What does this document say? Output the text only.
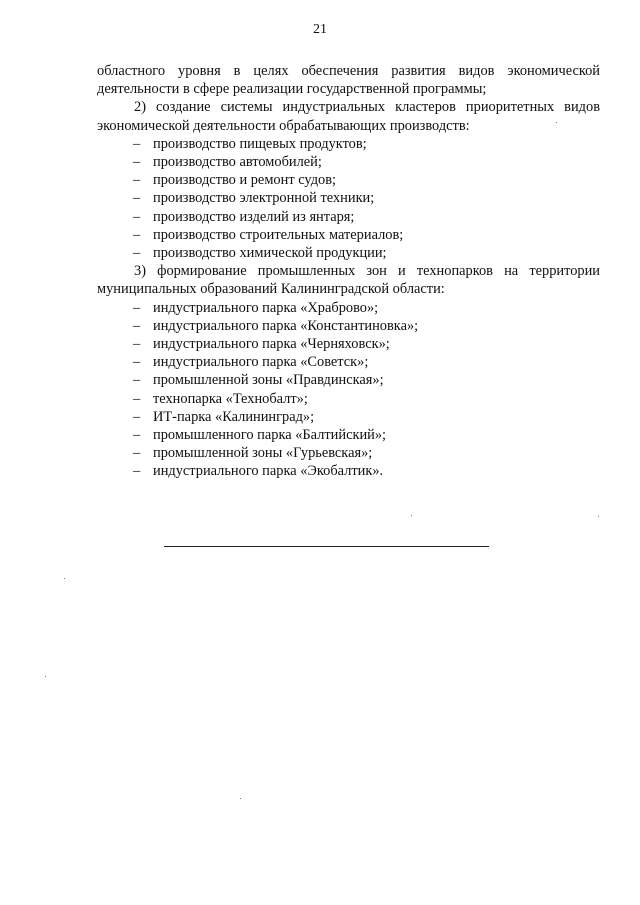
21

областного уровня в целях обеспечения развития видов экономической деятельности в сфере реализации государственной программы;

2) создание системы индустриальных кластеров приоритетных видов экономической деятельности обрабатывающих производств:

– производство пищевых продуктов;
– производство автомобилей;
– производство и ремонт судов;
– производство электронной техники;
– производство изделий из янтаря;
– производство строительных материалов;
– производство химической продукции;

3) формирование промышленных зон и технопарков на территории муниципальных образований Калининградской области:

– индустриального парка «Храброво»;
– индустриального парка «Константиновка»;
– индустриального парка «Черняховск»;
– индустриального парка «Советск»;
– промышленной зоны «Правдинская»;
– технопарка «Технобалт»;
– ИТ-парка «Калининград»;
– промышленного парка «Балтийский»;
– промышленной зоны «Гурьевская»;
– индустриального парка «Экобалтик».
